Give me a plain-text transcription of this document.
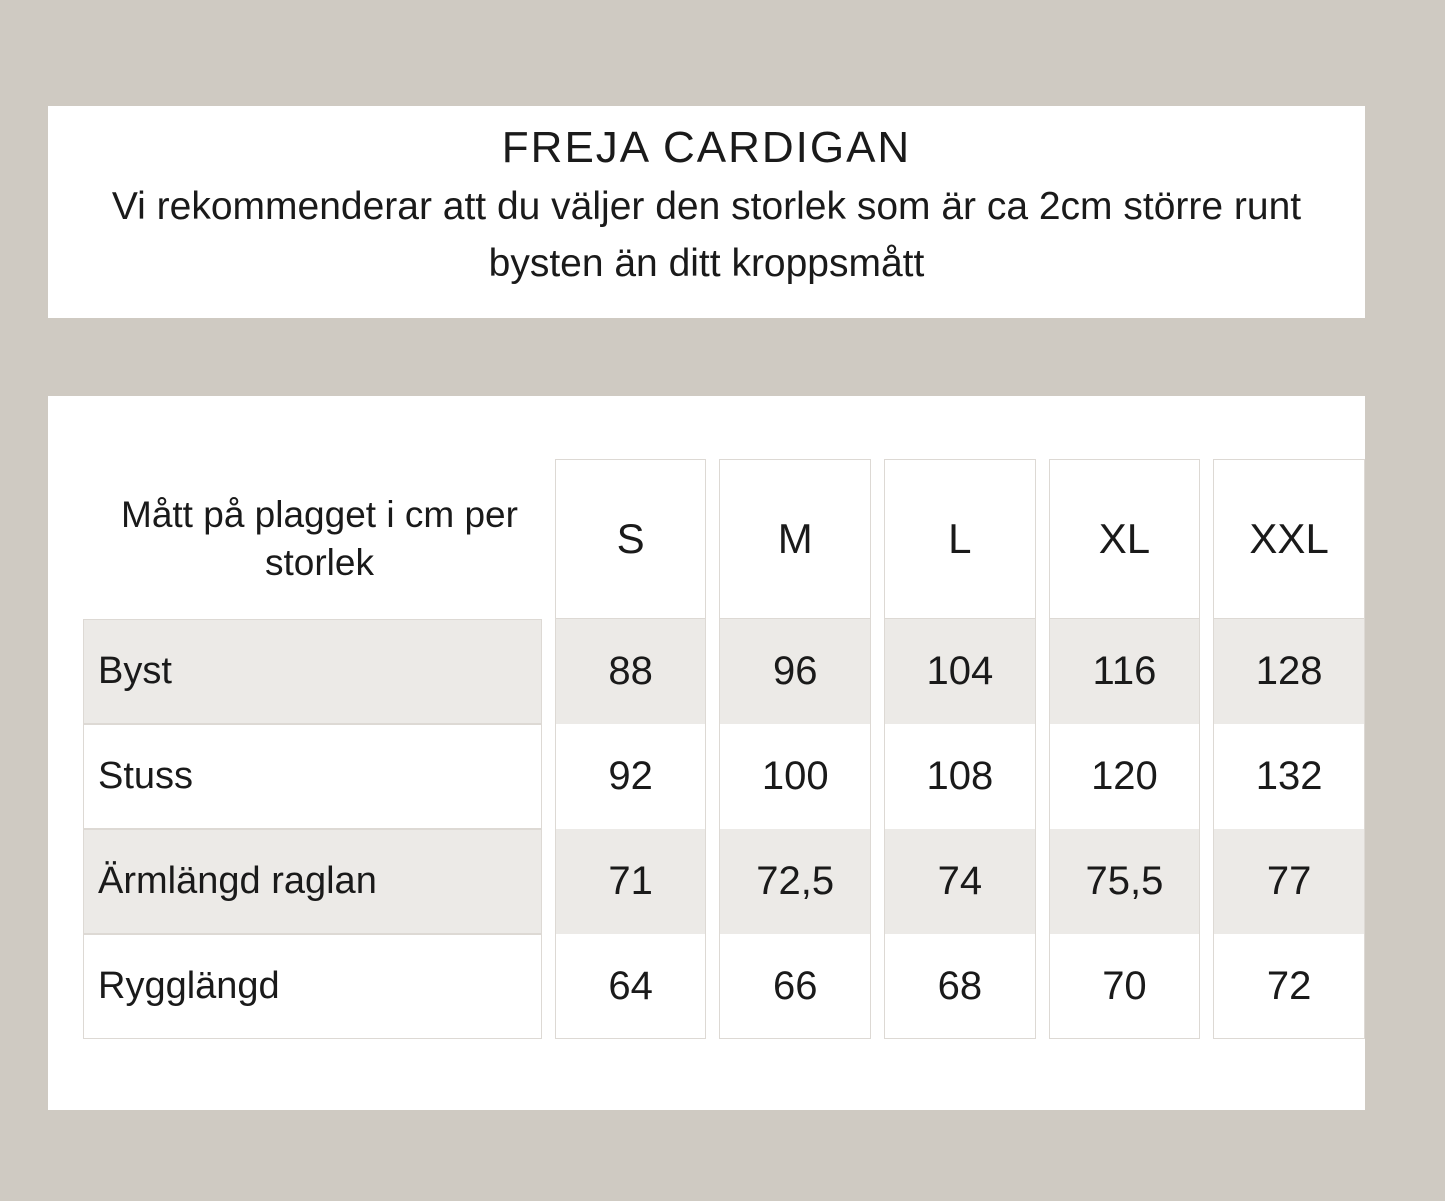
FREJA CARDIGAN
Vi rekommenderar att du väljer den storlek som är ca 2cm större runt bysten än ditt kroppsmått
Mått på plagget i cm per storlek		S		M		L		XL		XXL
Byst		88		96		104		116		128
Stuss		92		100		108		120		132
Ärmlängd raglan		71		72,5		74		75,5		77
Rygglängd		64		66		68		70		72
